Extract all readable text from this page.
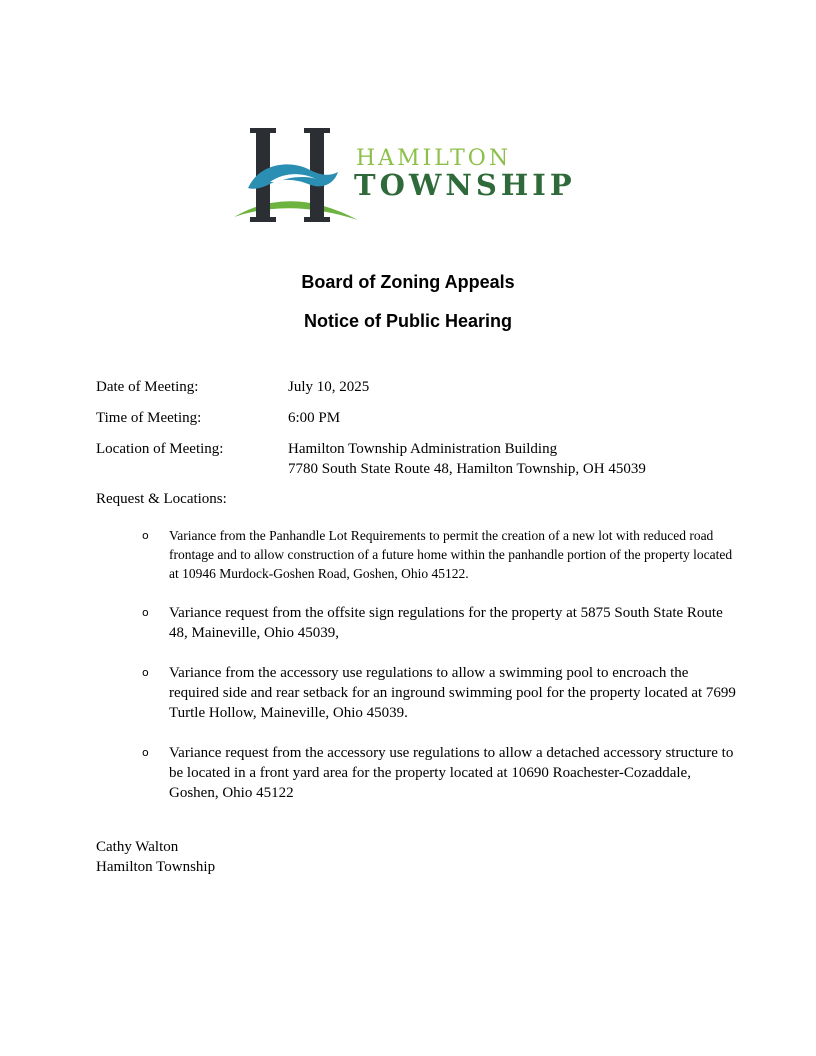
HAMILTON
TOWNSHIP
Board of Zoning Appeals
Notice of Public Hearing
Date of Meeting:	July 10, 2025
Time of Meeting:	6:00 PM
Location of Meeting:	Hamilton Township Administration Building
7780 South State Route 48, Hamilton Township, OH 45039
Request & Locations:
o Variance from the Panhandle Lot Requirements to permit the creation of a new lot with reduced road frontage and to allow construction of a future home within the panhandle portion of the property located at 10946 Murdock-Goshen Road, Goshen, Ohio 45122.
o Variance request from the offsite sign regulations for the property at 5875 South State Route 48, Maineville, Ohio 45039,
o Variance from the accessory use regulations to allow a swimming pool to encroach the required side and rear setback for an inground swimming pool for the property located at 7699 Turtle Hollow, Maineville, Ohio 45039.
o Variance request from the accessory use regulations to allow a detached accessory structure to be located in a front yard area for the property located at 10690 Roachester-Cozaddale, Goshen, Ohio 45122
Cathy Walton
Hamilton Township
